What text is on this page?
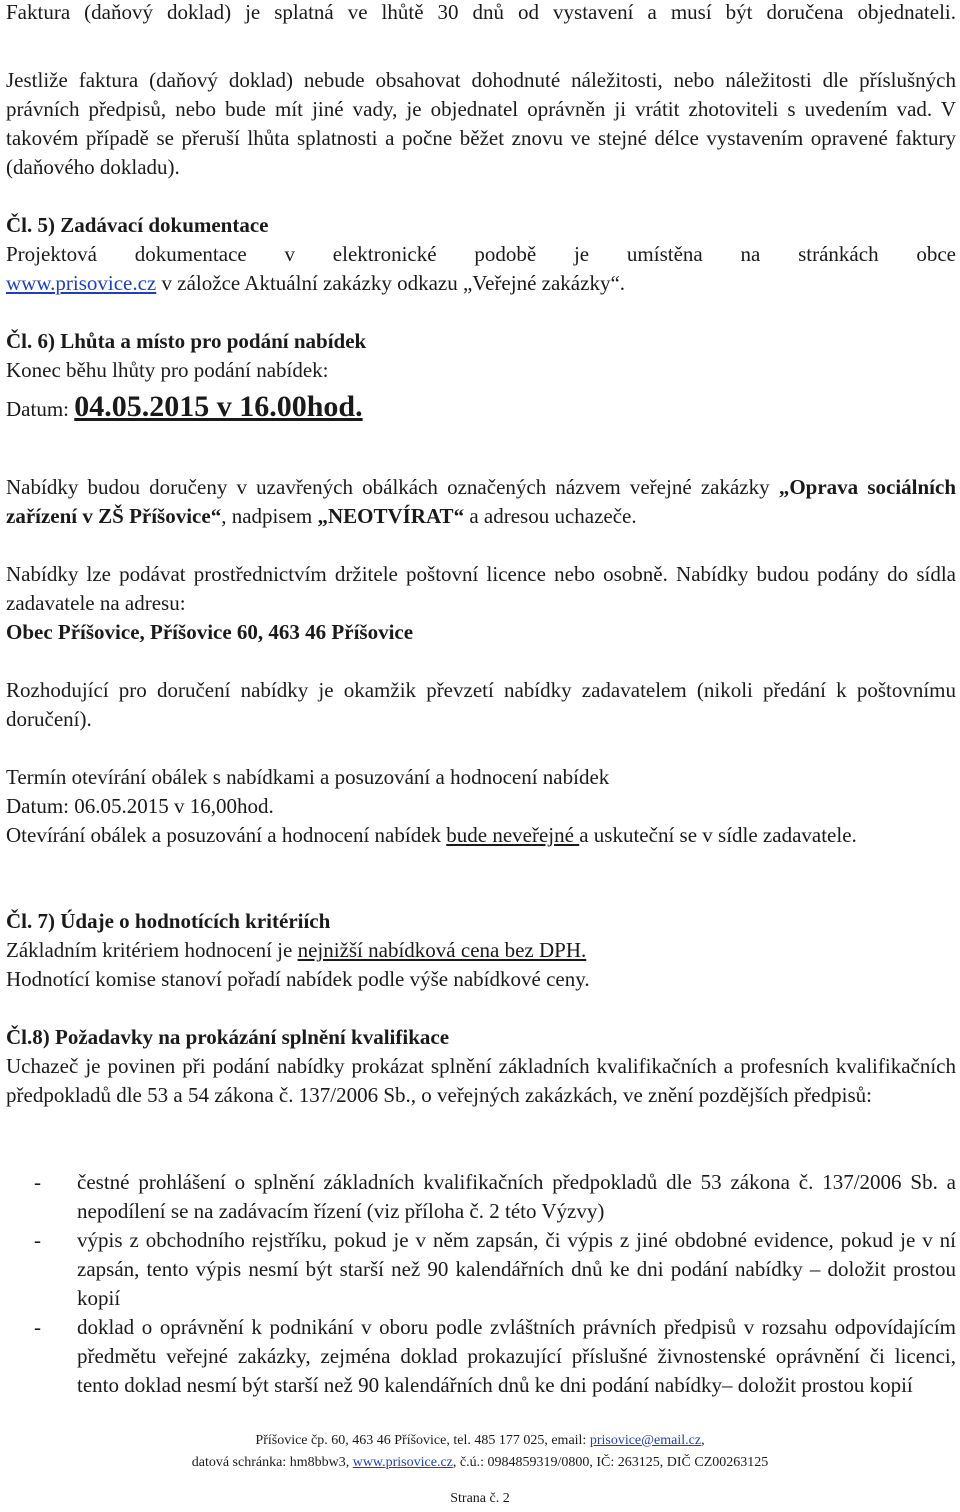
Faktura (daňový doklad) je splatná ve lhůtě 30 dnů od vystavení a musí být doručena objednateli.

Jestliže faktura (daňový doklad) nebude obsahovat dohodnuté náležitosti, nebo náležitosti dle příslušných právních předpisů, nebo bude mít jiné vady, je objednatel oprávněn ji vrátit zhotoviteli s uvedením vad. V takovém případě se přeruší lhůta splatnosti a počne běžet znovu ve stejné délce vystavením opravené faktury (daňového dokladu).

Čl. 5) Zadávací dokumentace

Projektová dokumentace v elektronické podobě je umístěna na stránkách obce

www.prisovice.cz v záložce Aktuální zakázky odkazu „Veřejné zakázky“.

Čl. 6) Lhůta a místo pro podání nabídek

Konec běhu lhůty pro podání nabídek:

Datum: 04.05.2015 v 16.00hod.

Nabídky budou doručeny v uzavřených obálkách označených názvem veřejné zakázky „Oprava sociálních zařízení v ZŠ Příšovice“, nadpisem „NEOTVÍRAT“ a adresou uchazeče.

Nabídky lze podávat prostřednictvím držitele poštovní licence nebo osobně. Nabídky budou podány do sídla zadavatele na adresu:

Obec Příšovice, Příšovice 60, 463 46 Příšovice

Rozhodující pro doručení nabídky je okamžik převzetí nabídky zadavatelem (nikoli předání k poštovnímu doručení).

Termín otevírání obálek s nabídkami a posuzování a hodnocení nabídek

Datum: 06.05.2015 v 16,00hod.

Otevírání obálek a posuzování a hodnocení nabídek bude neveřejné a uskuteční se v sídle zadavatele.

Čl. 7) Údaje o hodnotících kritériích

Základním kritériem hodnocení je nejnižší nabídková cena bez DPH.

Hodnotící komise stanoví pořadí nabídek podle výše nabídkové ceny.

Čl.8) Požadavky na prokázání splnění kvalifikace

Uchazeč je povinen při podání nabídky prokázat splnění základních kvalifikačních a profesních kvalifikačních předpokladů dle 53 a 54 zákona č. 137/2006 Sb., o veřejných zakázkách, ve znění pozdějších předpisů:

- čestné prohlášení o splnění základních kvalifikačních předpokladů dle 53 zákona č. 137/2006 Sb. a nepodílení se na zadávacím řízení (viz příloha č. 2 této Výzvy)

- výpis z obchodního rejstříku, pokud je v něm zapsán, či výpis z jiné obdobné evidence, pokud je v ní zapsán, tento výpis nesmí být starší než 90 kalendářních dnů ke dni podání nabídky – doložit prostou kopií

- doklad o oprávnění k podnikání v oboru podle zvláštních právních předpisů v rozsahu odpovídajícím předmětu veřejné zakázky, zejména doklad prokazující příslušné živnostenské oprávnění či licenci, tento doklad nesmí být starší než 90 kalendářních dnů ke dni podání nabídky– doložit prostou kopií

Příšovice čp. 60, 463 46 Příšovice, tel. 485 177 025, email: prisovice@email.cz,
datová schránka: hm8bbw3, www.prisovice.cz, č.ú.: 0984859319/0800, IČ: 263125, DIČ CZ00263125
Strana č. 2
